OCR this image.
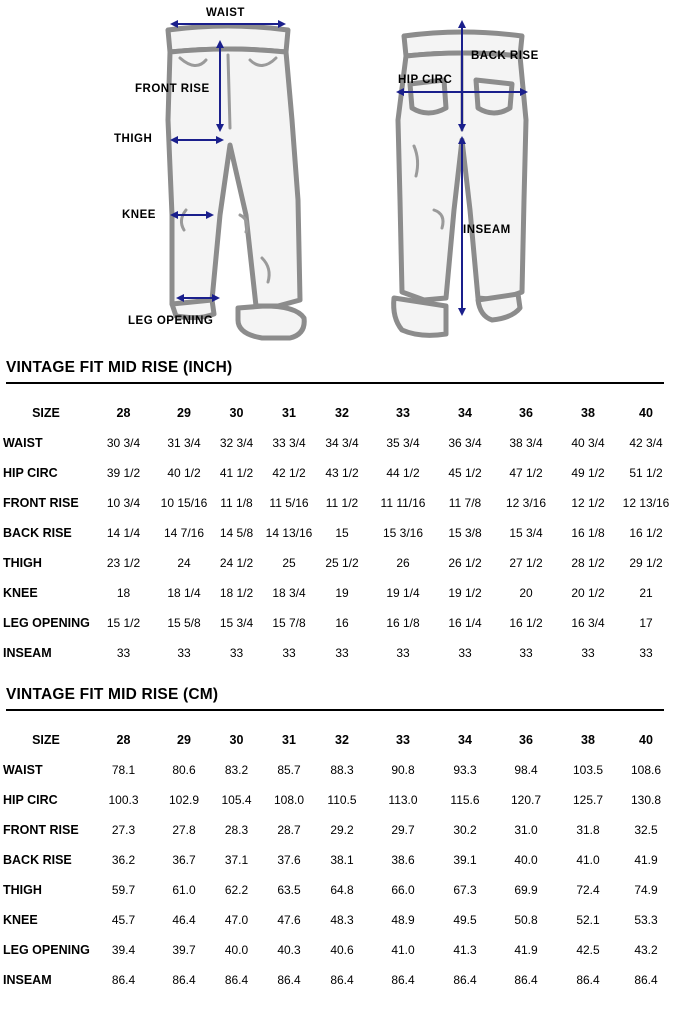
WAIST
FRONT RISE
THIGH
KNEE
LEG OPENING
BACK RISE
HIP CIRC
INSEAM
VINTAGE FIT MID RISE (INCH)
SIZE	28	29	30	31	32	33	34	36	38	40
WAIST	30 3/4	31 3/4	32 3/4	33 3/4	34 3/4	35 3/4	36 3/4	38 3/4	40 3/4	42 3/4
HIP CIRC	39 1/2	40 1/2	41 1/2	42 1/2	43 1/2	44 1/2	45 1/2	47 1/2	49 1/2	51 1/2
FRONT RISE	10 3/4	10 15/16	11 1/8	11 5/16	11 1/2	11 11/16	11 7/8	12 3/16	12 1/2	12 13/16
BACK RISE	14 1/4	14 7/16	14 5/8	14 13/16	15	15 3/16	15 3/8	15 3/4	16 1/8	16 1/2
THIGH	23 1/2	24	24 1/2	25	25 1/2	26	26 1/2	27 1/2	28 1/2	29 1/2
KNEE	18	18 1/4	18 1/2	18 3/4	19	19 1/4	19 1/2	20	20 1/2	21
LEG OPENING	15 1/2	15 5/8	15 3/4	15 7/8	16	16 1/8	16 1/4	16 1/2	16 3/4	17
INSEAM	33	33	33	33	33	33	33	33	33	33
VINTAGE FIT MID RISE (CM)
SIZE	28	29	30	31	32	33	34	36	38	40
WAIST	78.1	80.6	83.2	85.7	88.3	90.8	93.3	98.4	103.5	108.6
HIP CIRC	100.3	102.9	105.4	108.0	110.5	113.0	115.6	120.7	125.7	130.8
FRONT RISE	27.3	27.8	28.3	28.7	29.2	29.7	30.2	31.0	31.8	32.5
BACK RISE	36.2	36.7	37.1	37.6	38.1	38.6	39.1	40.0	41.0	41.9
THIGH	59.7	61.0	62.2	63.5	64.8	66.0	67.3	69.9	72.4	74.9
KNEE	45.7	46.4	47.0	47.6	48.3	48.9	49.5	50.8	52.1	53.3
LEG OPENING	39.4	39.7	40.0	40.3	40.6	41.0	41.3	41.9	42.5	43.2
INSEAM	86.4	86.4	86.4	86.4	86.4	86.4	86.4	86.4	86.4	86.4
